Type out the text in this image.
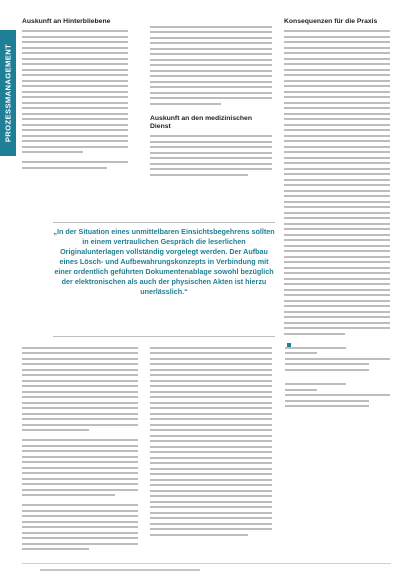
PROZESSMANAGEMENT
Auskunft an Hinterbliebene
Auskunft an den medizinischen Dienst
Konsequenzen für die Praxis
„In der Situation eines unmittelbaren Einsichtsbegehrens sollten in einem vertraulichen Gespräch die leserlichen Originalunterlagen vollständig vorgelegt werden. Der Aufbau eines Lösch- und Aufbewahrungskonzepts in Verbindung mit einer ordentlich geführten Dokumentenablage sowohl bezüglich der elektronischen als auch der physischen Akten ist hierzu unerlässlich.“
